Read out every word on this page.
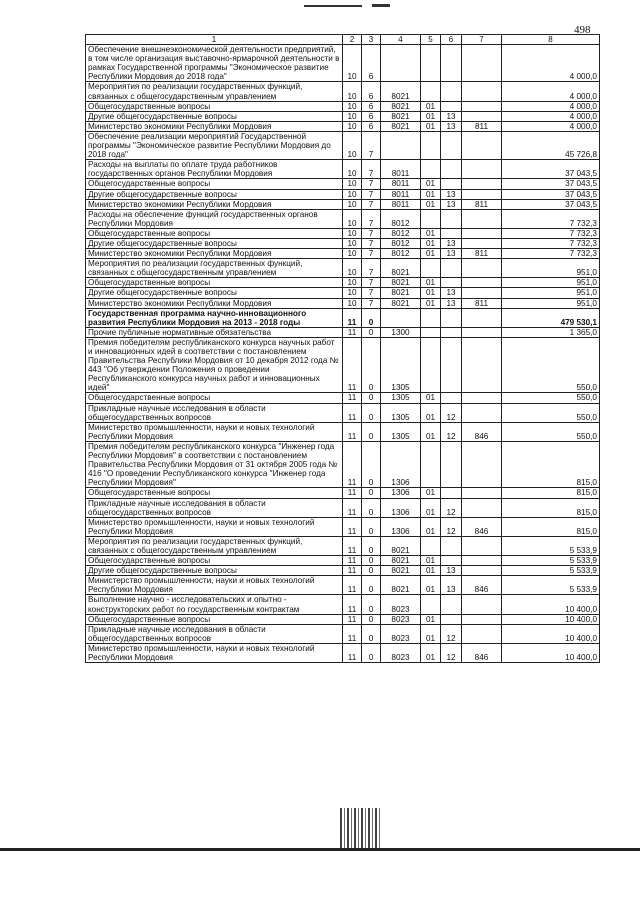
498
1	2	3	4	5	6	7	8
Обеспечение внешнеэкономической деятельности предприятий, в том числе организация выставочно-ярмарочной деятельности в рамках Государственной программы "Экономическое развитие Республики Мордовия до 2018 года"	10	6					4 000,0
Мероприятия по реализации государственных функций, связанных с общегосударственным управлением	10	6	8021				4 000,0
Общегосударственные вопросы	10	6	8021	01			4 000,0
Другие общегосударственные вопросы	10	6	8021	01	13		4 000,0
Министерство экономики Республики Мордовия	10	6	8021	01	13	811	4 000,0
Обеспечение реализации мероприятий Государственной программы "Экономическое развитие Республики Мордовия до 2018 года"	10	7					45 726,8
Расходы на выплаты по оплате труда работников государственных органов Республики Мордовия	10	7	8011				37 043,5
Общегосударственные вопросы	10	7	8011	01			37 043,5
Другие общегосударственные вопросы	10	7	8011	01	13		37 043,5
Министерство экономики Республики Мордовия	10	7	8011	01	13	811	37 043,5
Расходы на обеспечение функций государственных органов Республики Мордовия	10	7	8012				7 732,3
Общегосударственные вопросы	10	7	8012	01			7 732,3
Другие общегосударственные вопросы	10	7	8012	01	13		7 732,3
Министерство экономики Республики Мордовия	10	7	8012	01	13	811	7 732,3
Мероприятия по реализации государственных функций, связанных с общегосударственным управлением	10	7	8021				951,0
Общегосударственные вопросы	10	7	8021	01			951,0
Другие общегосударственные вопросы	10	7	8021	01	13		951,0
Министерство экономики Республики Мордовия	10	7	8021	01	13	811	951,0
Государственная программа научно-инновационного развития Республики Мордовия на 2013 - 2018 годы	11	0					479 530,1
Прочие публичные нормативные обязательства	11	0	1300				1 365,0
Премия победителям республиканского конкурса научных работ и инновационных идей в соответствии с постановлением Правительства Республики Мордовия от 10 декабря 2012 года № 443 "Об утверждении Положения о проведении Республиканского конкурса научных работ и инновационных идей"	11	0	1305				550,0
Общегосударственные вопросы	11	0	1305	01			550,0
Прикладные научные исследования в области общегосударственных вопросов	11	0	1305	01	12		550,0
Министерство промышленности, науки и новых технологий Республики Мордовия	11	0	1305	01	12	846	550,0
Премия победителям республиканского конкурса "Инженер года Республики Мордовия" в соответствии с постановлением Правительства Республики Мордовия от 31 октября 2005 года № 416 "О проведении Республиканского конкурса "Инженер года Республики Мордовия"	11	0	1306				815,0
Общегосударственные вопросы	11	0	1306	01			815,0
Прикладные научные исследования в области общегосударственных вопросов	11	0	1306	01	12		815,0
Министерство промышленности, науки и новых технологий Республики Мордовия	11	0	1306	01	12	846	815,0
Мероприятия по реализации государственных функций, связанных с общегосударственным управлением	11	0	8021				5 533,9
Общегосударственные вопросы	11	0	8021	01			5 533,9
Другие общегосударственные вопросы	11	0	8021	01	13		5 533,9
Министерство промышленности, науки и новых технологий Республики Мордовия	11	0	8021	01	13	846	5 533,9
Выполнение научно - исследовательских и опытно - конструкторских работ по государственным контрактам	11	0	8023				10 400,0
Общегосударственные вопросы	11	0	8023	01			10 400,0
Прикладные научные исследования в области общегосударственных вопросов	11	0	8023	01	12		10 400,0
Министерство промышленности, науки и новых технологий Республики Мордовия	11	0	8023	01	12	846	10 400,0
